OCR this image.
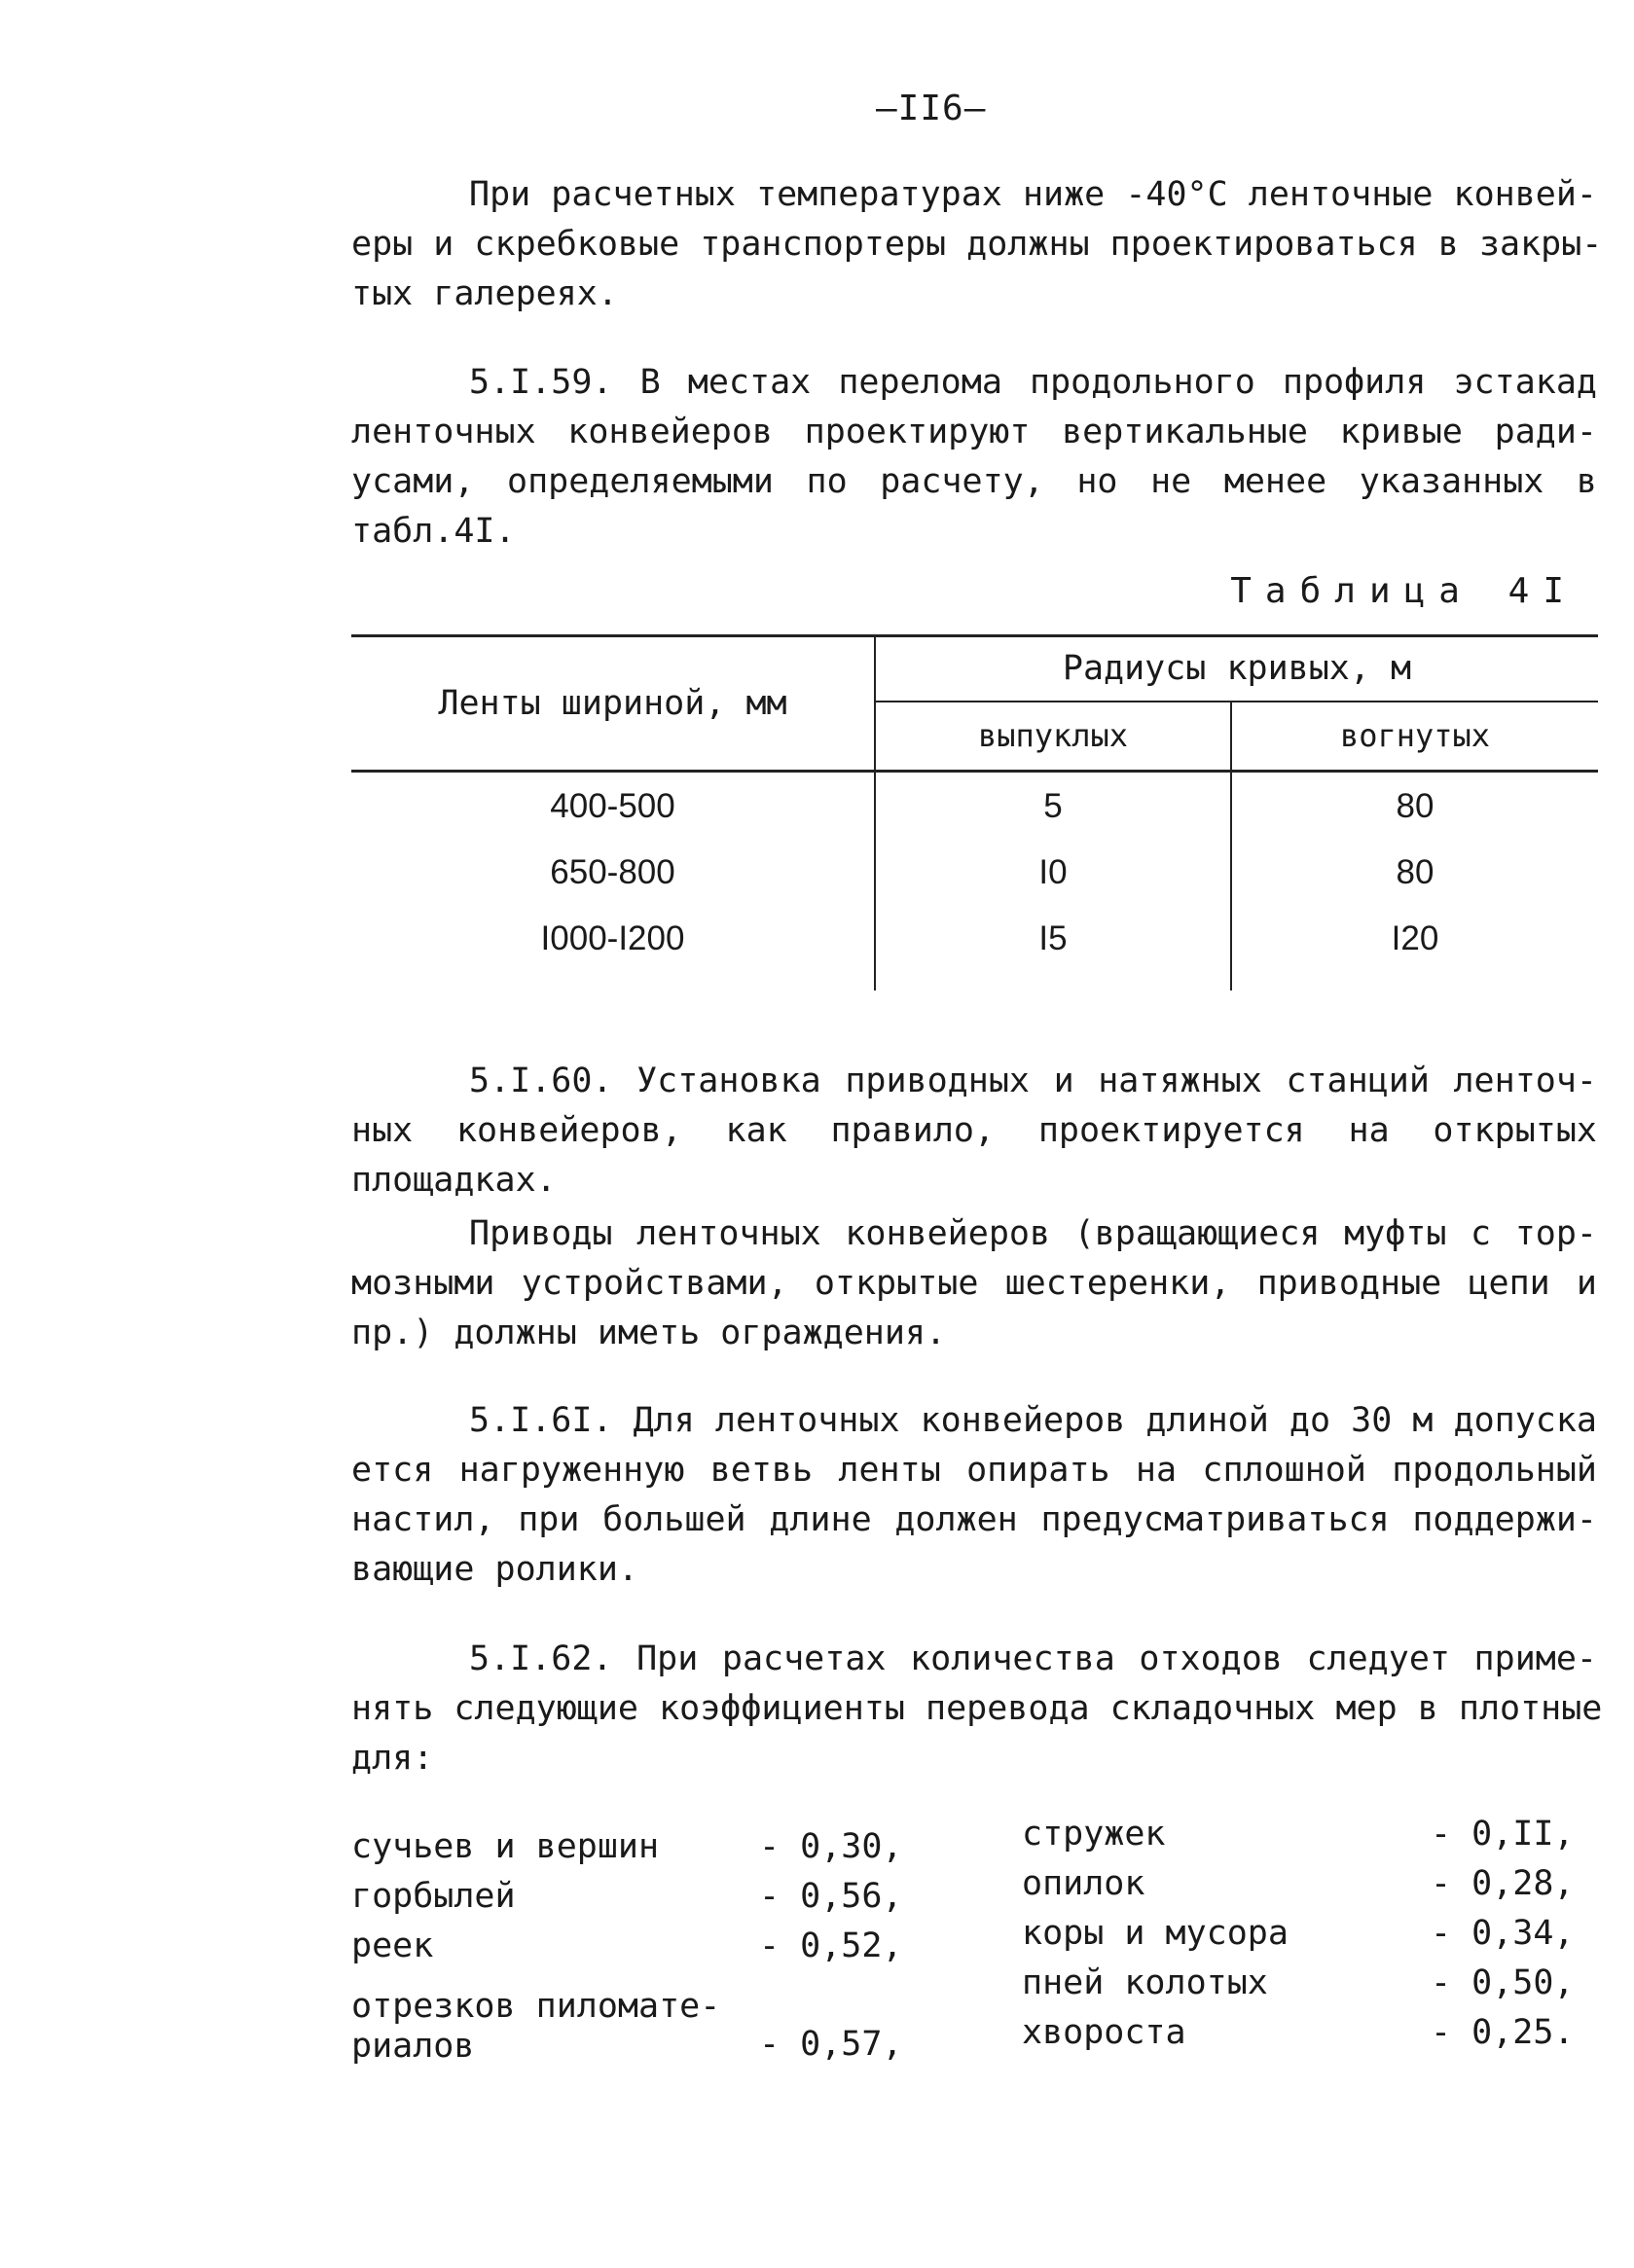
—II6—

При расчетных температурах ниже -40°С ленточные конвей-
еры и скребковые транспортеры должны проектироваться в закры-
тых галереях.

5.I.59. В местах перелома продольного профиля эстакад
ленточных конвейеров проектируют вертикальные кривые ради-
усами, определяемыми по расчету, но не менее указанных в
табл.4I.

Таблица 4I
Ленты шириной, мм	Радиусы кривых, м	
	выпуклых	вогнутых
400-500	5	80
650-800	I0	80
I000-I200	I5	I20

5.I.60. Установка приводных и натяжных станций ленточ-
ных конвейеров, как правило, проектируется на открытых
площадках.

Приводы ленточных конвейеров (вращающиеся муфты с тор-
мозными устройствами, открытые шестеренки, приводные цепи и
пр.) должны иметь ограждения.

5.I.6I. Для ленточных конвейеров длиной до 30 м допуска
ется нагруженную ветвь ленты опирать на сплошной продольный
настил, при большей длине должен предусматриваться поддержи-
вающие ролики.

5.I.62. При расчетах количества отходов следует приме-
нять следующие коэффициенты перевода складочных мер в плотные
для:

сучьев и вершин	- 0,30,
горбылей	- 0,56,
реек	- 0,52,
отрезков пиломате-
риалов	- 0,57,
стружек	- 0,II,
опилок	- 0,28,
коры и мусора	- 0,34,
пней колотых	- 0,50,
хвороста	- 0,25.
